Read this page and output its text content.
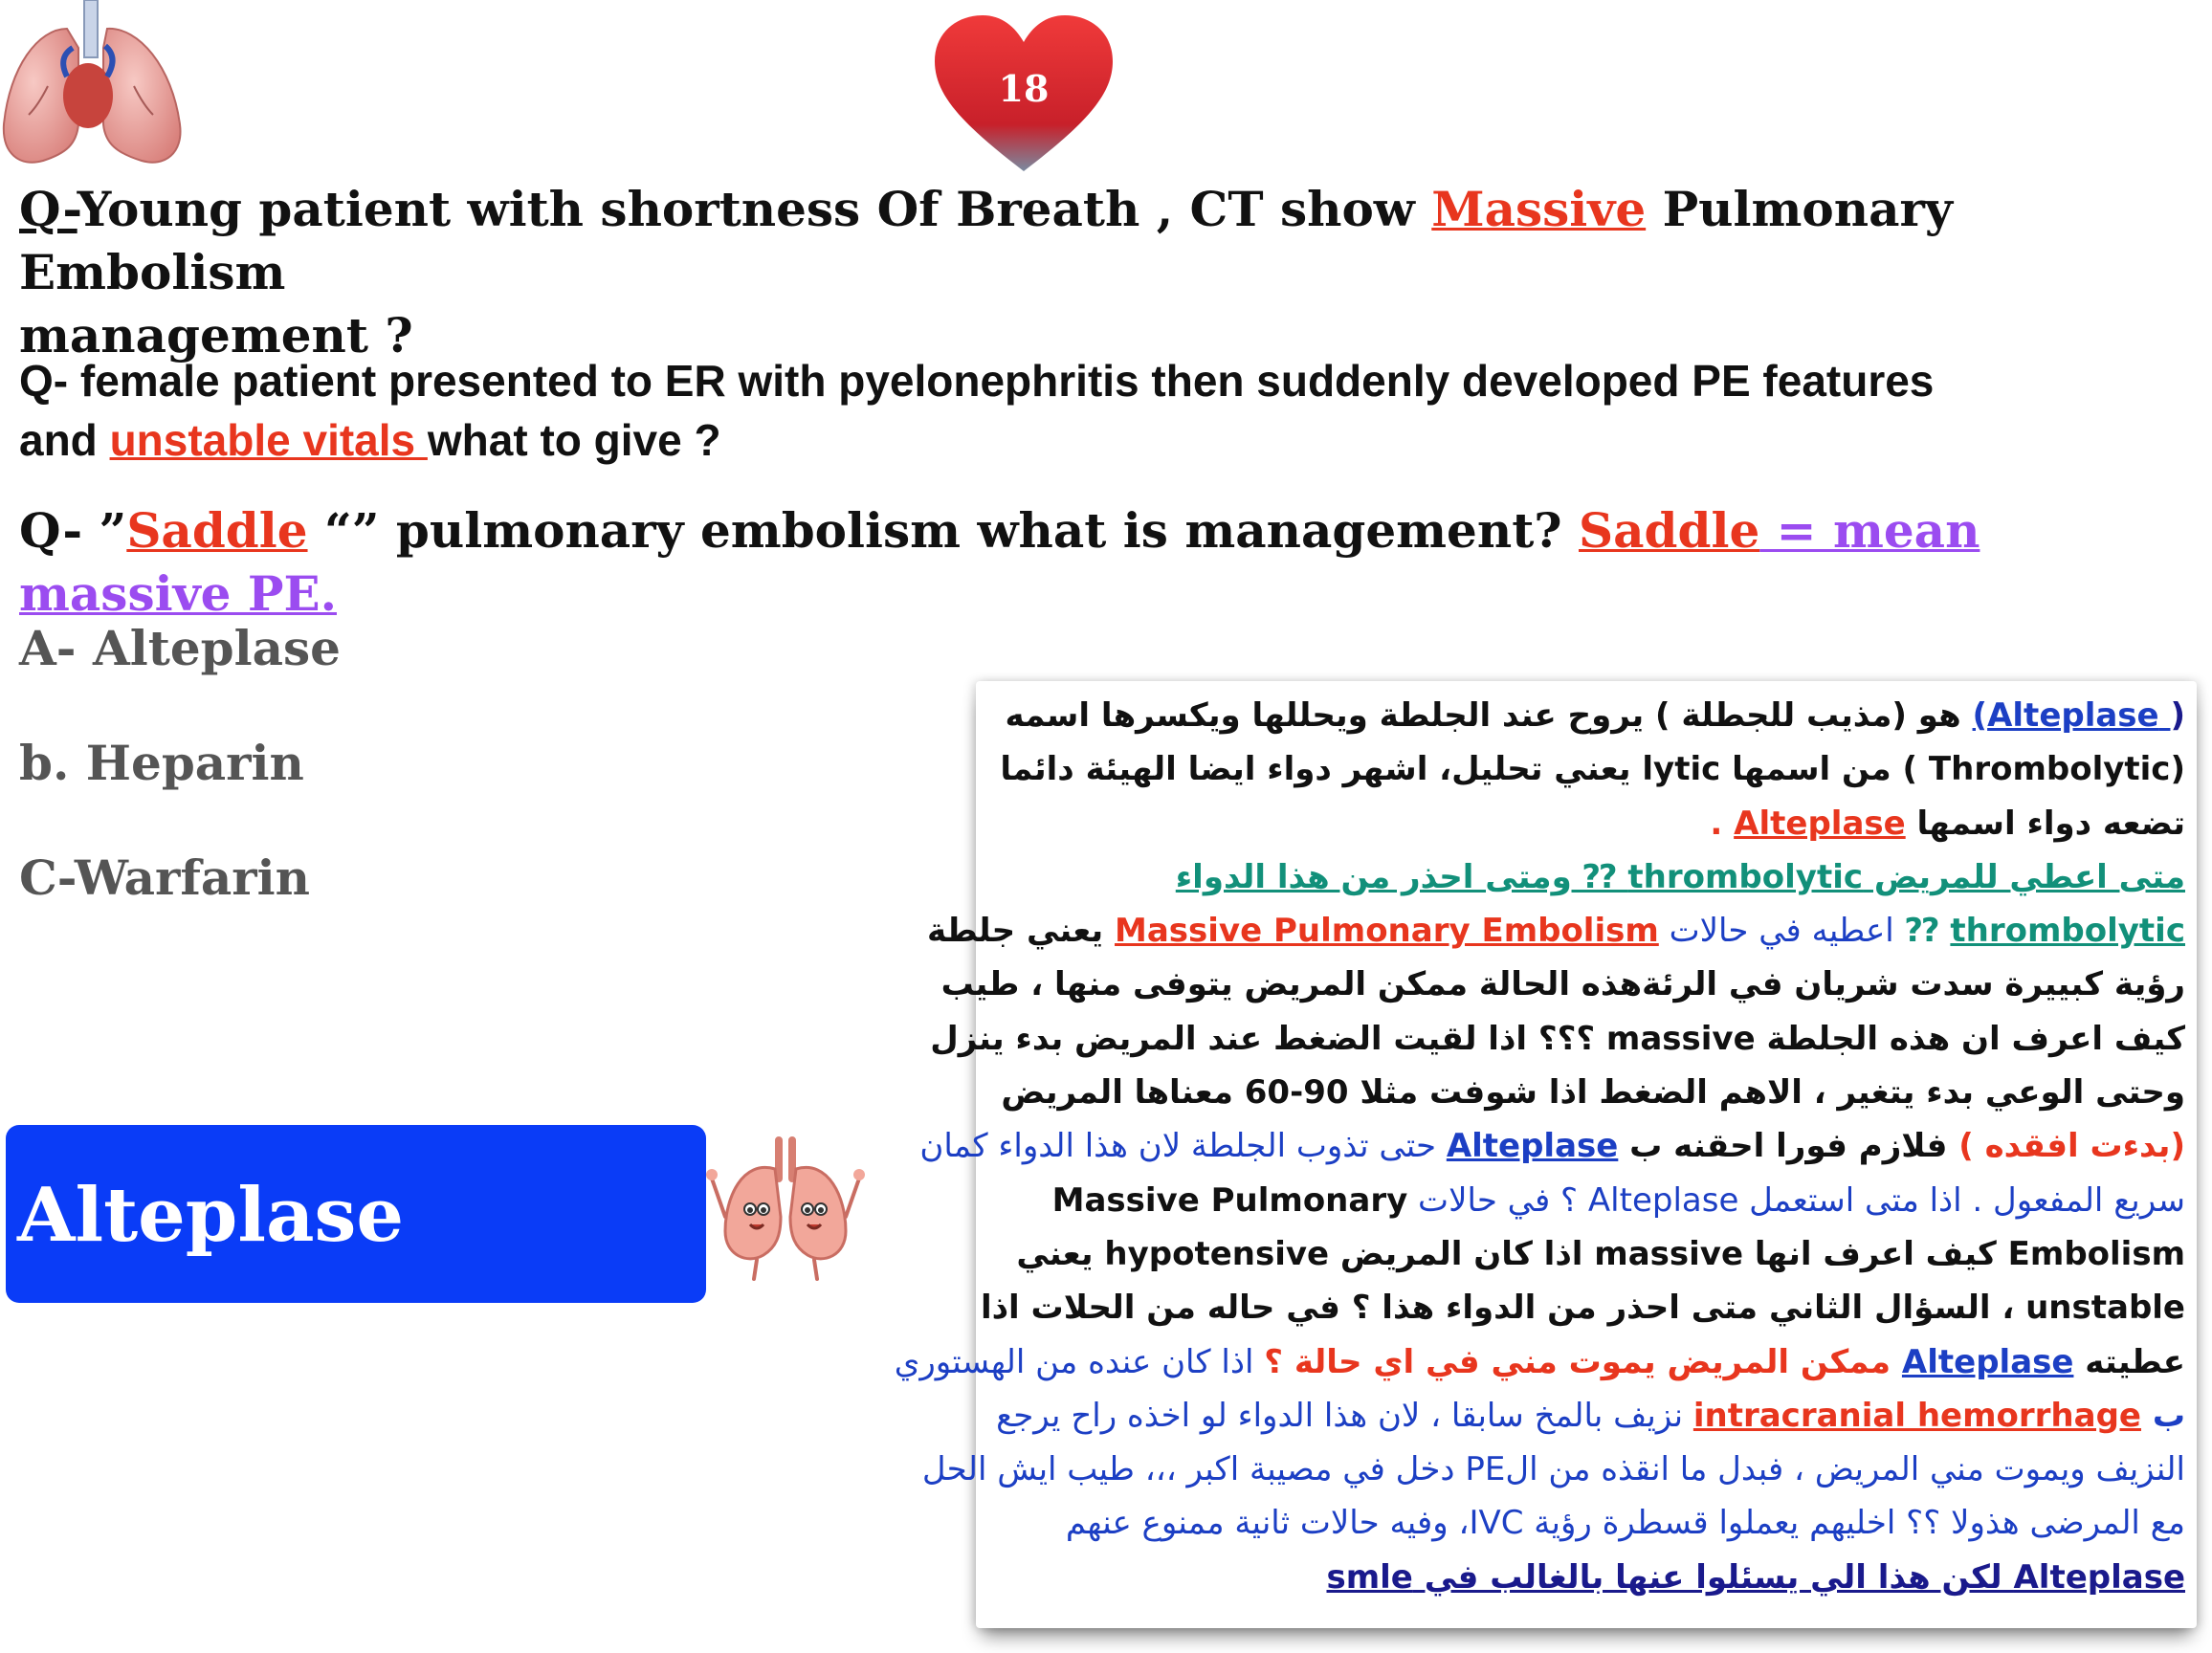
18
Q-Young patient with shortness Of Breath , CT show Massive Pulmonary Embolism
management ?
Q- female patient presented to ER with pyelonephritis then suddenly developed PE features
and unstable vitals what to give ?
Q- ”Saddle “” pulmonary embolism what is management? Saddle = mean massive PE.
A- Alteplase
b. Heparin
C-Warfarin
Alteplase
( Alteplase) هو (مذيب للجطلة ) يروح عند الجلطة ويحللها ويكسرها اسمه
(Thrombolytic ) من اسمها lytic يعني تحليل، اشهر دواء ايضا الهيئة دائما
تضعه دواء اسمها Alteplase .
متى اعطي للمريض thrombolytic ⁇ ومتى احذر من هذا الدواء
thrombolytic ⁇ اعطيه في حالات Massive Pulmonary Embolism يعني جلطة
رؤية كبييرة سدت شريان في الرئةهذه الحالة ممكن المريض يتوفى منها ، طيب
كيف اعرف ان هذه الجلطة massive ؟؟؟ اذا لقيت الضغط عند المريض بدء ينزل
وحتى الوعي بدء يتغير ، الاهم الضغط اذا شوفت مثلا 90-60 معناها المريض
(بدءت افقده ) فلازم فورا احقنه ب Alteplase حتى تذوب الجلطة لان هذا الدواء كمان
سريع المفعول . اذا متى استعمل Alteplase ؟ في حالات Massive Pulmonary
Embolism كيف اعرف انها massive اذا كان المريض hypotensive يعني
unstable ، السؤال الثاني متى احذر من الدواء هذا ؟ في حاله من الحلات اذا
عطيته Alteplase ممكن المريض يموت مني في اي حالة ؟ اذا كان عنده من الهستوري
ب intracranial hemorrhage نزيف بالمخ سابقا ، لان هذا الدواء لو اخذه راح يرجع
النزيف ويموت مني المريض ، فبدل ما انقذه من الPE دخل في مصيبة اكبر ،،، طيب ايش الحل
مع المرضى هذولا ؟؟ اخليهم يعملوا قسطرة رؤية IVC، وفيه حالات ثانية ممنوع عنهم
Alteplase لكن هذا الي يسئلوا عنها بالغالب في smle
